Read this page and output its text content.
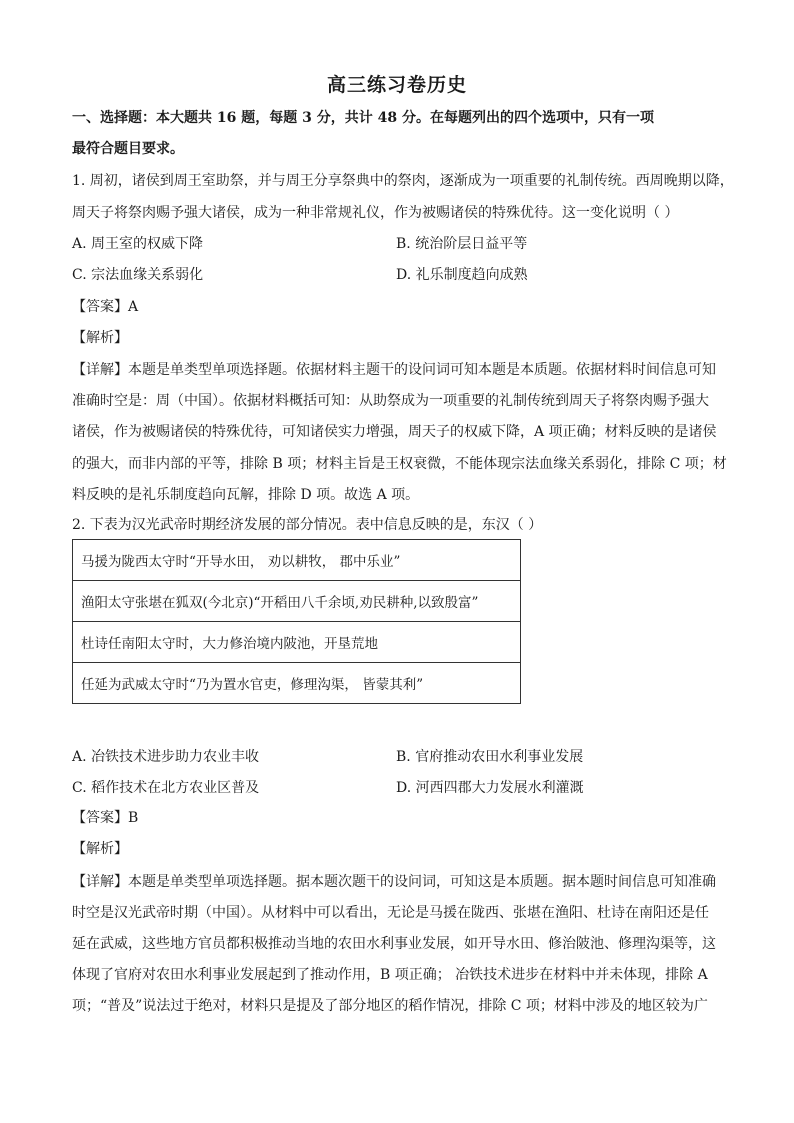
高三练习卷历史
一、选择题：本大题共 16 题，每题 3 分，共计 48 分。在每题列出的四个选项中，只有一项
最符合题目要求。
1. 周初，诸侯到周王室助祭，并与周王分享祭典中的祭肉，逐渐成为一项重要的礼制传统。西周晚期以降，
周天子将祭肉赐予强大诸侯，成为一种非常规礼仪，作为被赐诸侯的特殊优待。这一变化说明（ ）
A. 周王室的权威下降	B. 统治阶层日益平等
C. 宗法血缘关系弱化	D. 礼乐制度趋向成熟
【答案】A
【解析】
【详解】本题是单类型单项选择题。依据材料主题干的设问词可知本题是本质题。依据材料时间信息可知
准确时空是：周（中国）。依据材料概括可知：从助祭成为一项重要的礼制传统到周天子将祭肉赐予强大
诸侯，作为被赐诸侯的特殊优待，可知诸侯实力增强，周天子的权威下降，A 项正确；材料反映的是诸侯
的强大，而非内部的平等，排除 B 项；材料主旨是王权衰微，不能体现宗法血缘关系弱化，排除 C 项；材
料反映的是礼乐制度趋向瓦解，排除 D 项。故选 A 项。
2. 下表为汉光武帝时期经济发展的部分情况。表中信息反映的是，东汉（ ）
马援为陇西太守时“开导水田， 劝以耕牧， 郡中乐业”
渔阳太守张堪在狐双(今北京)“开稻田八千余顷,劝民耕种,以致殷富”
杜诗任南阳太守时，大力修治境内陂池，开垦荒地
任延为武威太守时“乃为置水官吏，修理沟渠， 皆蒙其利”
A. 冶铁技术进步助力农业丰收	B. 官府推动农田水利事业发展
C. 稻作技术在北方农业区普及	D. 河西四郡大力发展水利灌溉
【答案】B
【解析】
【详解】本题是单类型单项选择题。据本题次题干的设问词，可知这是本质题。据本题时间信息可知准确
时空是汉光武帝时期（中国）。从材料中可以看出，无论是马援在陇西、张堪在渔阳、杜诗在南阳还是任
延在武威，这些地方官员都积极推动当地的农田水利事业发展，如开导水田、修治陂池、修理沟渠等，这
体现了官府对农田水利事业发展起到了推动作用，B 项正确； 冶铁技术进步在材料中并未体现，排除 A
项；“普及”说法过于绝对，材料只是提及了部分地区的稻作情况，排除 C 项；材料中涉及的地区较为广
